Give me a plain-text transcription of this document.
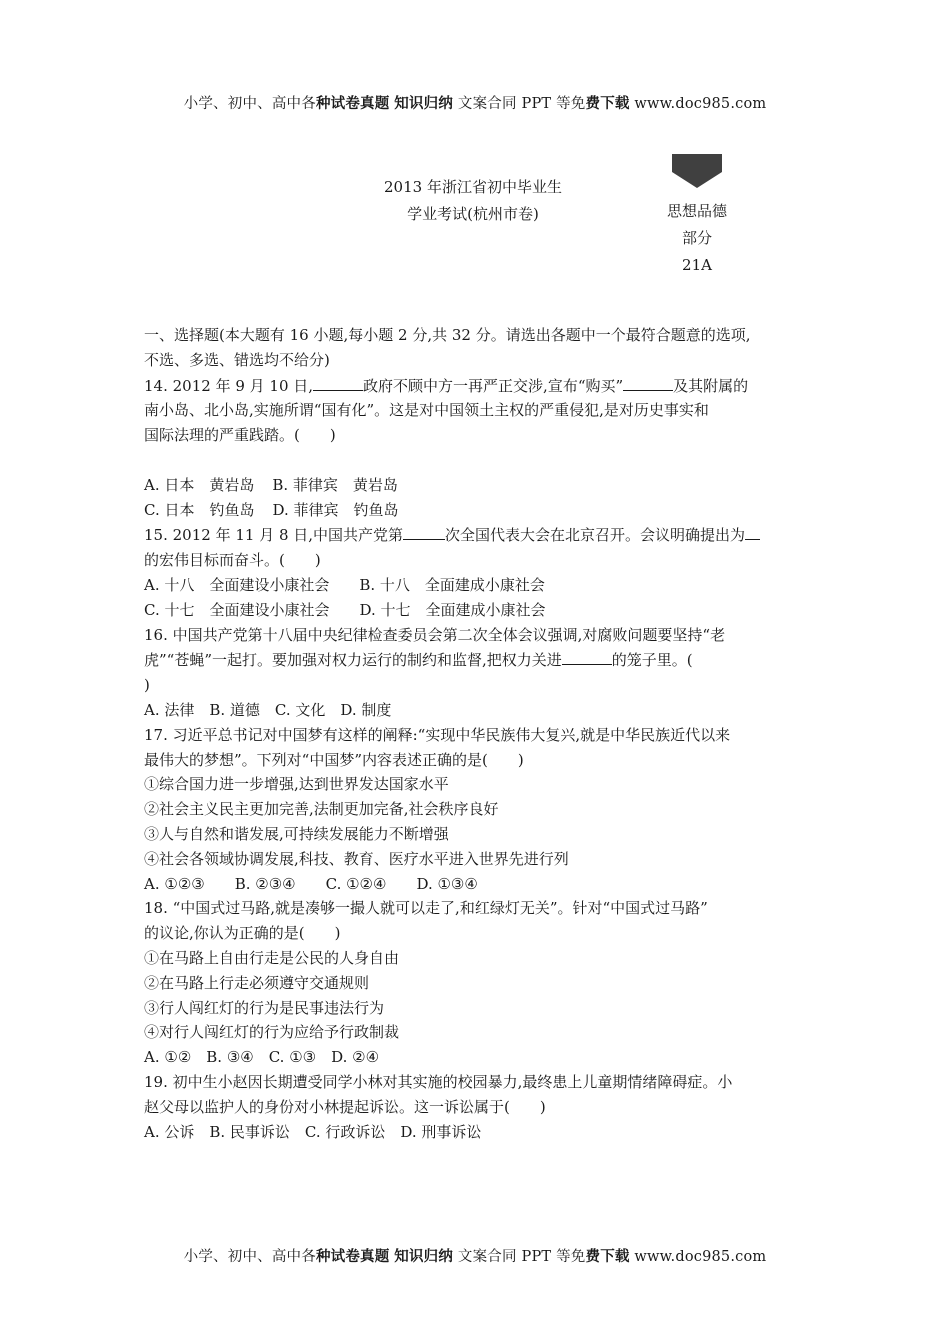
小学、初中、高中各种试卷真题 知识归纳 文案合同 PPT 等免费下载 www.doc985.com
2013 年浙江省初中毕业生
学业考试(杭州市卷)	思想品德
部分
21A

一、选择题(本大题有 16 小题,每小题 2 分,共 32 分。请选出各题中一个最符合题意的选项,

不选、多选、错选均不给分)

14. 2012 年 9 月 10 日,	政府不顾中方一再严正交涉,宣布“购买”	及其附属的

南小岛、北小岛,实施所谓“国有化”。这是对中国领土主权的严重侵犯,是对历史事实和

国际法理的严重践踏。(　　)

A. 日本　黄岩岛 B. 菲律宾　黄岩岛

C. 日本　钓鱼岛 D. 菲律宾　钓鱼岛

15. 2012 年 11 月 8 日,中国共产党第	次全国代表大会在北京召开。会议明确提出为

的宏伟目标而奋斗。(　　)

A. 十八　全面建设小康社会 B. 十八　全面建成小康社会

C. 十七　全面建设小康社会 D. 十七　全面建成小康社会

16. 中国共产党第十八届中央纪律检查委员会第二次全体会议强调,对腐败问题要坚持“老

虎”“苍蝇”一起打。要加强对权力运行的制约和监督,把权力关进	的笼子里。(

)

A. 法律　B. 道德　C. 文化　D. 制度

17. 习近平总书记对中国梦有这样的阐释:“实现中华民族伟大复兴,就是中华民族近代以来

最伟大的梦想”。下列对“中国梦”内容表述正确的是(　　)

①综合国力进一步增强,达到世界发达国家水平

②社会主义民主更加完善,法制更加完备,社会秩序良好

③人与自然和谐发展,可持续发展能力不断增强

④社会各领域协调发展,科技、教育、医疗水平进入世界先进行列

A. ①②③ B. ②③④ C. ①②④ D. ①③④

18. “中国式过马路,就是凑够一撮人就可以走了,和红绿灯无关”。针对“中国式过马路”

的议论,你认为正确的是(　　)

①在马路上自由行走是公民的人身自由

②在马路上行走必须遵守交通规则

③行人闯红灯的行为是民事违法行为

④对行人闯红灯的行为应给予行政制裁

A. ①②　B. ③④　C. ①③　D. ②④

19. 初中生小赵因长期遭受同学小林对其实施的校园暴力,最终患上儿童期情绪障碍症。小

赵父母以监护人的身份对小林提起诉讼。这一诉讼属于(　　)

A. 公诉　B. 民事诉讼　C. 行政诉讼　D. 刑事诉讼

小学、初中、高中各种试卷真题 知识归纳 文案合同 PPT 等免费下载 www.doc985.com
